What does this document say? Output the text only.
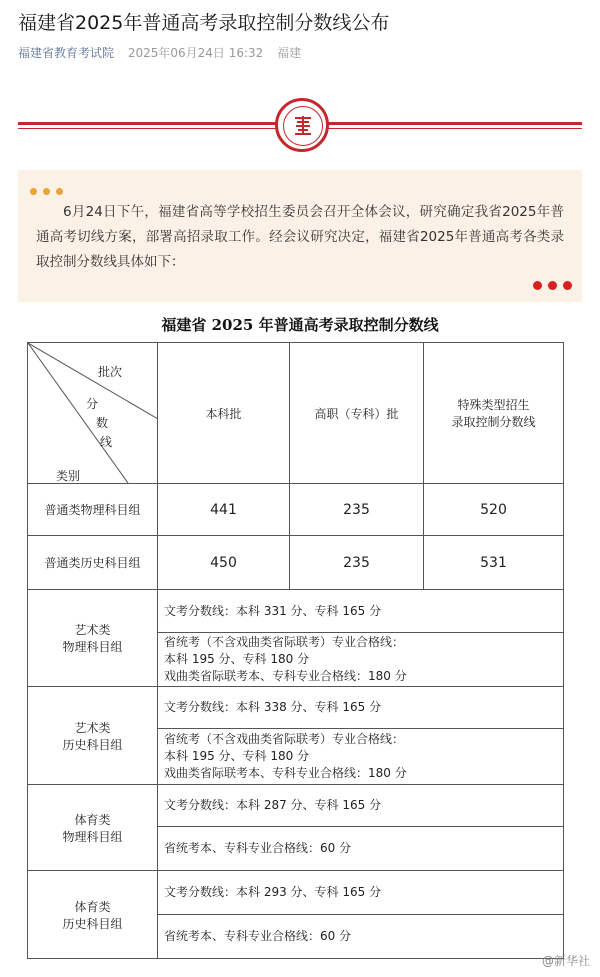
福建省2025年普通高考录取控制分数线公布
福建省教育考试院 2025年06月24日 16:32 福建

6月24日下午，福建省高等学校招生委员会召开全体会议，研究确定我省2025年普通高考切线方案，部署高招录取工作。经会议研究决定，福建省2025年普通高考各类录取控制分数线具体如下：

福建省 2025 年普通高考录取控制分数线
批次
分
数
线
类别	本科批	高职（专科）批	特殊类型招生
录取控制分数线

普通类物理科目组	441	235	520
普通类历史科目组	450	235	531

艺术类
物理科目组	文考分数线：本科 331 分、专科 165 分		

	省统考（不含戏曲类省际联考）专业合格线：
本科 195 分、专科 180 分
戏曲类省际联考本、专科专业合格线：180 分		

艺术类
历史科目组	文考分数线：本科 338 分、专科 165 分		

	省统考（不含戏曲类省际联考）专业合格线：
本科 195 分、专科 180 分
戏曲类省际联考本、专科专业合格线：180 分		

体育类
物理科目组	文考分数线：本科 287 分、专科 165 分		
	省统考本、专科专业合格线：60 分		

体育类
历史科目组	文考分数线：本科 293 分、专科 165 分		
	省统考本、专科专业合格线：60 分		
@新华社
